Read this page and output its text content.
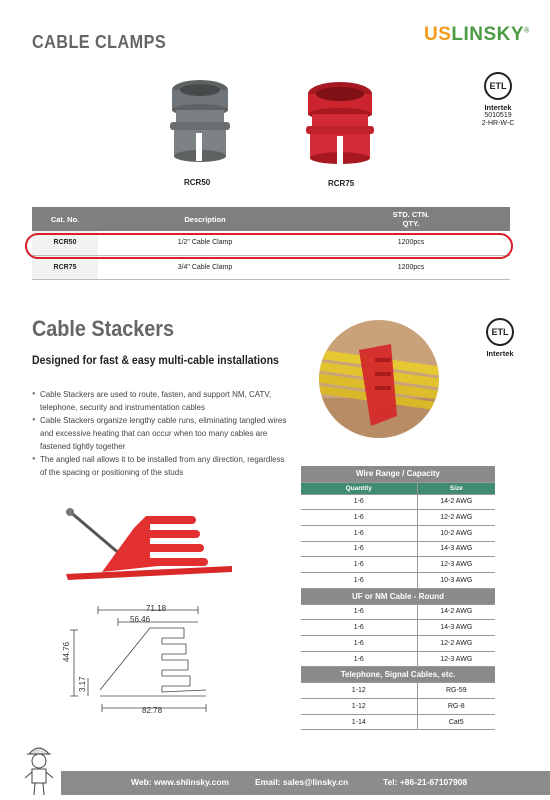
CABLE CLAMPS	USLINSKY®
ETL
Intertek
5010519
2-HR-W-C
RCR50	RCR75
Cat. No.	Description	STD. CTN.
QTY.

RCR50	1/2" Cable Clamp	1200pcs
RCR75	3/4" Cable Clamp	1200pcs
Cable Stackers
Designed for fast & easy multi-cable installations
● Cable Stackers are used to route, fasten, and support NM, CATV, telephone, security and instrumentation cables
● Cable Stackers organize lengthy cable runs, eliminating tangled wires and excessive heating that can occur when too many cables are fastened tightly together
● The angled nail allows it to be installed from any direction, regardless of the spacing or positioning of the studs
ETL
Intertek
71.18
56.46
44.76
3.17
82.78
Wire Range / Capacity	
Quantity	Size
1-6	14-2 AWG
1-6	12-2 AWG
1-6	10-2 AWG
1-6	14-3 AWG
1-6	12-3 AWG
1-6	10-3 AWG
UF or NM Cable - Round	
1-6	14-2 AWG
1-6	14-3 AWG
1-6	12-2 AWG
1-6	12-3 AWG
Telephone, Signal Cables, etc.	
1-12	RG-59
1-12	RG-8
1-14	Cat5
Web: www.shlinsky.com	Email: sales@linsky.cn	Tel: +86-21-67107908
